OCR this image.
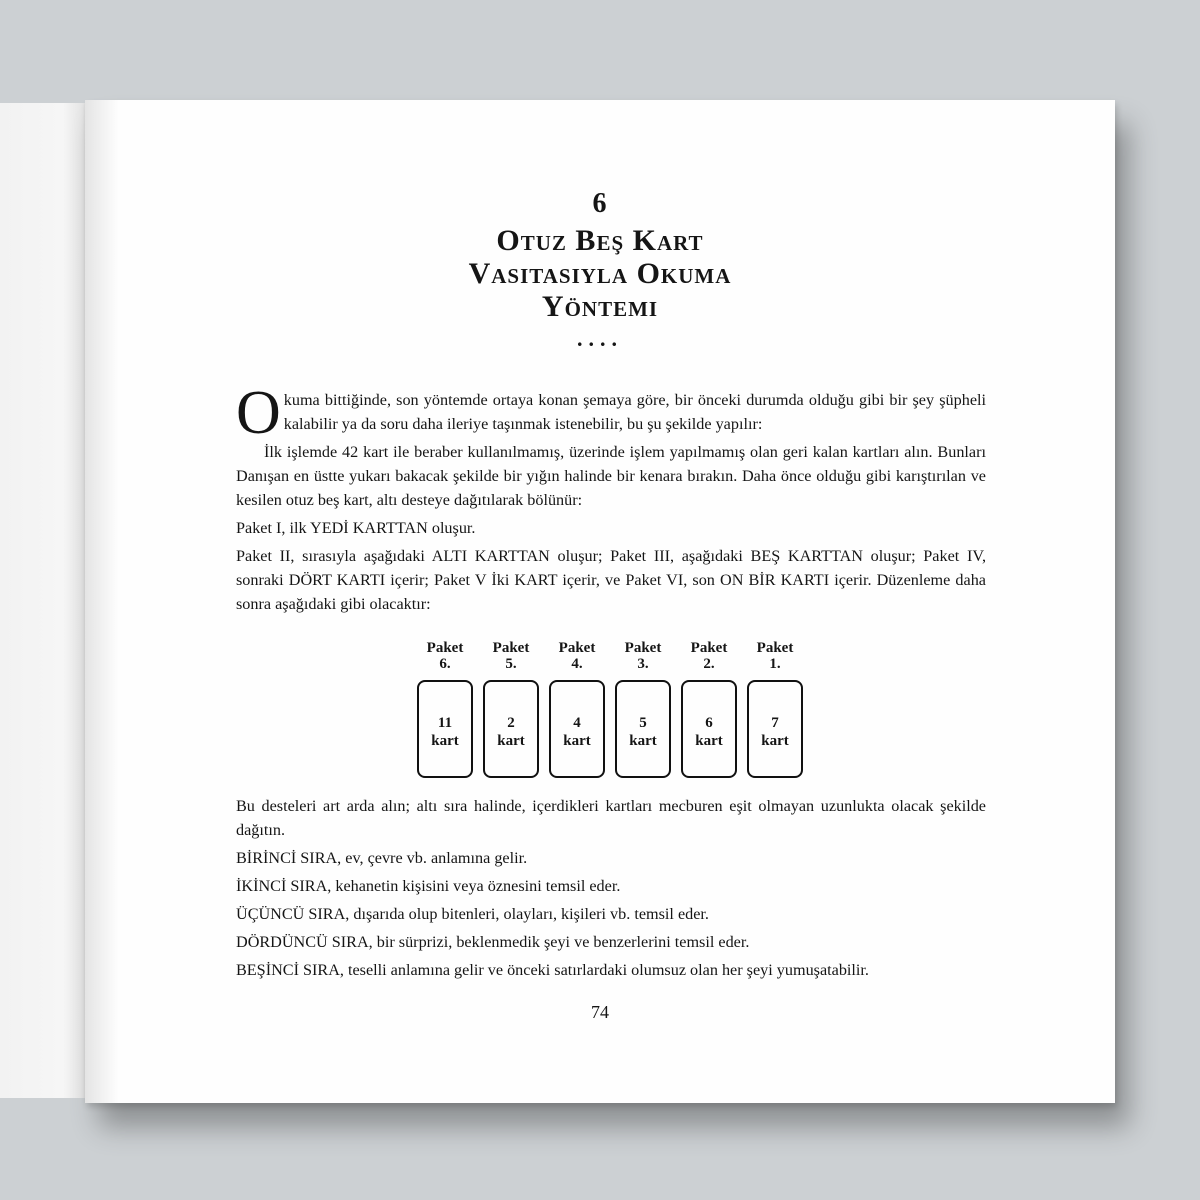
6
Otuz Beş Kart
Vasıtasıyla Okuma
Yöntemi
....

Okuma bittiğinde, son yöntemde ortaya konan şemaya göre, bir önceki durumda olduğu gibi bir şey şüpheli kalabilir ya da soru daha ileriye taşınmak istenebilir, bu şu şekilde yapılır:

İlk işlemde 42 kart ile beraber kullanılmamış, üzerinde işlem yapılmamış olan geri kalan kartları alın. Bunları Danışan en üstte yukarı bakacak şekilde bir yığın halinde bir kenara bırakın. Daha önce olduğu gibi karıştırılan ve kesilen otuz beş kart, altı desteye dağıtılarak bölünür:

Paket I, ilk YEDİ KARTTAN oluşur.

Paket II, sırasıyla aşağıdaki ALTI KARTTAN oluşur; Paket III, aşağıdaki BEŞ KARTTAN oluşur; Paket IV, sonraki DÖRT KARTI içerir; Paket V İki KART içerir, ve Paket VI, son ON BİR KARTI içerir. Düzenleme daha sonra aşağıdaki gibi olacaktır:

Paket
6.
11
kart
Paket
5.
2
kart
Paket
4.
4
kart
Paket
3.
5
kart
Paket
2.
6
kart
Paket
1.
7
kart

Bu desteleri art arda alın; altı sıra halinde, içerdikleri kartları mecburen eşit olmayan uzunlukta olacak şekilde dağıtın.

BİRİNCİ SIRA, ev, çevre vb. anlamına gelir.

İKİNCİ SIRA, kehanetin kişisini veya öznesini temsil eder.

ÜÇÜNCÜ SIRA, dışarıda olup bitenleri, olayları, kişileri vb. temsil eder.

DÖRDÜNCÜ SIRA, bir sürprizi, beklenmedik şeyi ve benzerlerini temsil eder.

BEŞİNCİ SIRA, teselli anlamına gelir ve önceki satırlardaki olumsuz olan her şeyi yumuşatabilir.

74
